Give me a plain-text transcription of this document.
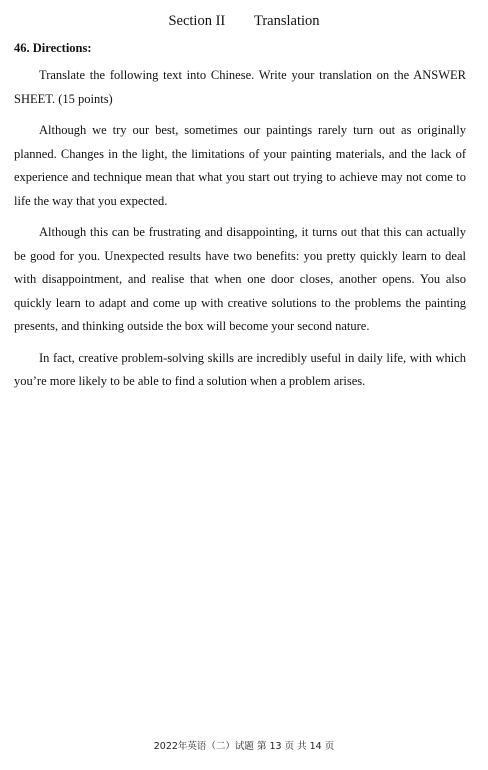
Section II        Translation
46. Directions:

Translate the following text into Chinese. Write your translation on the ANSWER SHEET. (15 points)

Although we try our best, sometimes our paintings rarely turn out as originally planned. Changes in the light, the limitations of your painting materials, and the lack of experience and technique mean that what you start out trying to achieve may not come to life the way that you expected.

Although this can be frustrating and disappointing, it turns out that this can actually be good for you. Unexpected results have two benefits: you pretty quickly learn to deal with disappointment, and realise that when one door closes, another opens. You also quickly learn to adapt and come up with creative solutions to the problems the painting presents, and thinking outside the box will become your second nature.

In fact, creative problem-solving skills are incredibly useful in daily life, with which you’re more likely to be able to find a solution when a problem arises.

2022年英语（二）试题 第 13 页 共 14 页
